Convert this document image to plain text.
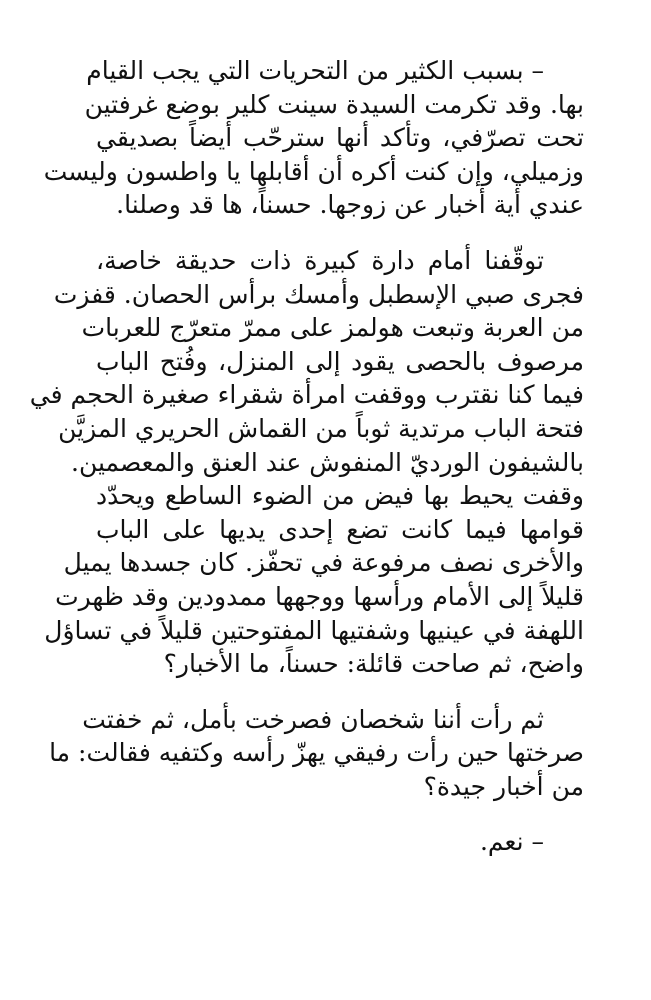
– بسبب الكثير من التحريات التي يجب القيام
بها. وقد تكرمت السيدة سينت كلير بوضع غرفتين
تحت تصرّفي، وتأكد أنها سترحّب أيضاً بصديقي
وزميلي، وإن كنت أكره أن أقابلها يا واطسون وليست
عندي أية أخبار عن زوجها. حسناً، ها قد وصلنا.

توقّفنا أمام دارة كبيرة ذات حديقة خاصة،
فجرى صبي الإسطبل وأمسك برأس الحصان. قفزت
من العربة وتبعت هولمز على ممرّ متعرّج للعربات
مرصوف بالحصى يقود إلى المنزل، وفُتح الباب
فيما كنا نقترب ووقفت امرأة شقراء صغيرة الحجم في
فتحة الباب مرتدية ثوباً من القماش الحريري المزيَّن
بالشيفون الورديّ المنفوش عند العنق والمعصمين.
وقفت يحيط بها فيض من الضوء الساطع ويحدّد
قوامها فيما كانت تضع إحدى يديها على الباب
والأخرى نصف مرفوعة في تحفّز. كان جسدها يميل
قليلاً إلى الأمام ورأسها ووجهها ممدودين وقد ظهرت
اللهفة في عينيها وشفتيها المفتوحتين قليلاً في تساؤل
واضح، ثم صاحت قائلة: حسناً، ما الأخبار؟

ثم رأت أننا شخصان فصرخت بأمل، ثم خفتت
صرختها حين رأت رفيقي يهزّ رأسه وكتفيه فقالت: ما
من أخبار جيدة؟

– نعم.
